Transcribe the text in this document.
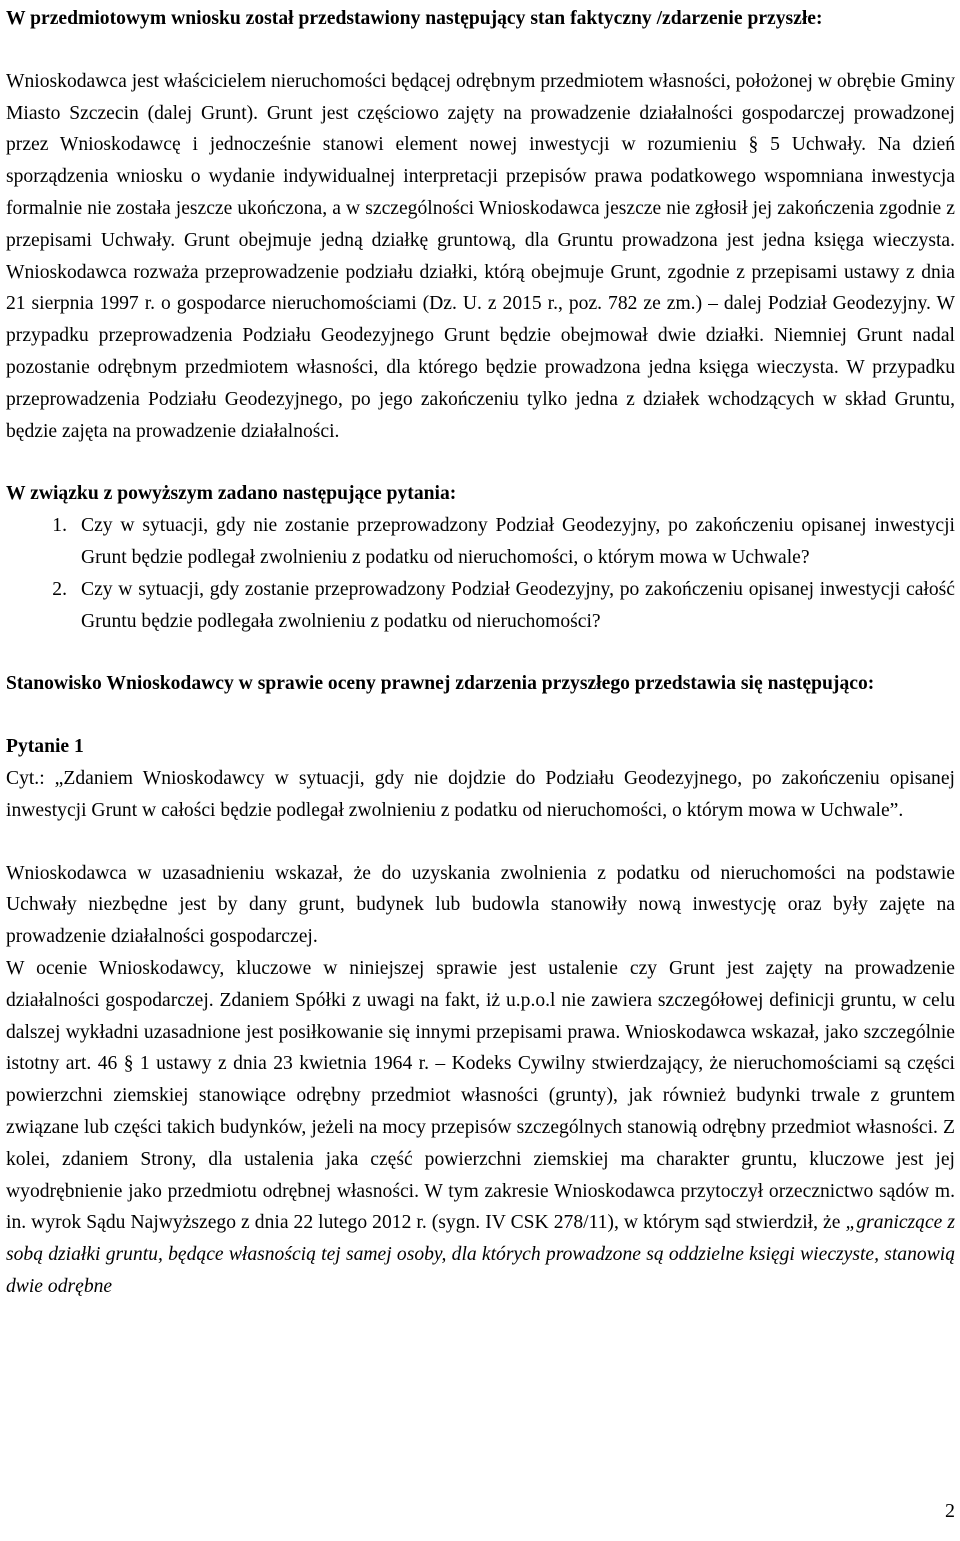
W przedmiotowym wniosku został przedstawiony następujący stan faktyczny /zdarzenie przyszłe:

Wnioskodawca jest właścicielem nieruchomości będącej odrębnym przedmiotem własności, położonej w obrębie Gminy Miasto Szczecin (dalej Grunt). Grunt jest częściowo zajęty na prowadzenie działalności gospodarczej prowadzonej przez Wnioskodawcę i jednocześnie stanowi element nowej inwestycji w rozumieniu § 5 Uchwały. Na dzień sporządzenia wniosku o wydanie indywidualnej interpretacji przepisów prawa podatkowego wspomniana inwestycja formalnie nie została jeszcze ukończona, a w szczególności Wnioskodawca jeszcze nie zgłosił jej zakończenia zgodnie z przepisami Uchwały. Grunt obejmuje jedną działkę gruntową, dla Gruntu prowadzona jest jedna księga wieczysta. Wnioskodawca rozważa przeprowadzenie podziału działki, którą obejmuje Grunt, zgodnie z przepisami ustawy z dnia 21 sierpnia 1997 r. o gospodarce nieruchomościami (Dz. U. z 2015 r., poz. 782 ze zm.) – dalej Podział Geodezyjny. W przypadku przeprowadzenia Podziału Geodezyjnego Grunt będzie obejmował dwie działki. Niemniej Grunt nadal pozostanie odrębnym przedmiotem własności, dla którego będzie prowadzona jedna księga wieczysta. W przypadku przeprowadzenia Podziału Geodezyjnego, po jego zakończeniu tylko jedna z działek wchodzących w skład Gruntu, będzie zajęta na prowadzenie działalności.

W związku z powyższym zadano następujące pytania:

1. Czy w sytuacji, gdy nie zostanie przeprowadzony Podział Geodezyjny, po zakończeniu opisanej inwestycji Grunt będzie podlegał zwolnieniu z podatku od nieruchomości, o którym mowa w Uchwale?
2. Czy w sytuacji, gdy zostanie przeprowadzony Podział Geodezyjny, po zakończeniu opisanej inwestycji całość Gruntu będzie podlegała zwolnieniu z podatku od nieruchomości?

Stanowisko Wnioskodawcy w sprawie oceny prawnej zdarzenia przyszłego przedstawia się następująco:

Pytanie 1

Cyt.: „Zdaniem Wnioskodawcy w sytuacji, gdy nie dojdzie do Podziału Geodezyjnego, po zakończeniu opisanej inwestycji Grunt w całości będzie podlegał zwolnieniu z podatku od nieruchomości, o którym mowa w Uchwale”.

Wnioskodawca w uzasadnieniu wskazał, że do uzyskania zwolnienia z podatku od nieruchomości na podstawie Uchwały niezbędne jest by dany grunt, budynek lub budowla stanowiły nową inwestycję oraz były zajęte na prowadzenie działalności gospodarczej.

W ocenie Wnioskodawcy, kluczowe w niniejszej sprawie jest ustalenie czy Grunt jest zajęty na prowadzenie działalności gospodarczej. Zdaniem Spółki z uwagi na fakt, iż u.p.o.l nie zawiera szczegółowej definicji gruntu, w celu dalszej wykładni uzasadnione jest posiłkowanie się innymi przepisami prawa. Wnioskodawca wskazał, jako szczególnie istotny art. 46 § 1 ustawy z dnia 23 kwietnia 1964 r. – Kodeks Cywilny stwierdzający, że nieruchomościami są części powierzchni ziemskiej stanowiące odrębny przedmiot własności (grunty), jak również budynki trwale z gruntem związane lub części takich budynków, jeżeli na mocy przepisów szczególnych stanowią odrębny przedmiot własności. Z kolei, zdaniem Strony, dla ustalenia jaka część powierzchni ziemskiej ma charakter gruntu, kluczowe jest jej wyodrębnienie jako przedmiotu odrębnej własności. W tym zakresie Wnioskodawca przytoczył orzecznictwo sądów m. in. wyrok Sądu Najwyższego z dnia 22 lutego 2012 r. (sygn. IV CSK 278/11), w którym sąd stwierdził, że „graniczące z sobą działki gruntu, będące własnością tej samej osoby, dla których prowadzone są oddzielne księgi wieczyste, stanowią dwie odrębne

2
